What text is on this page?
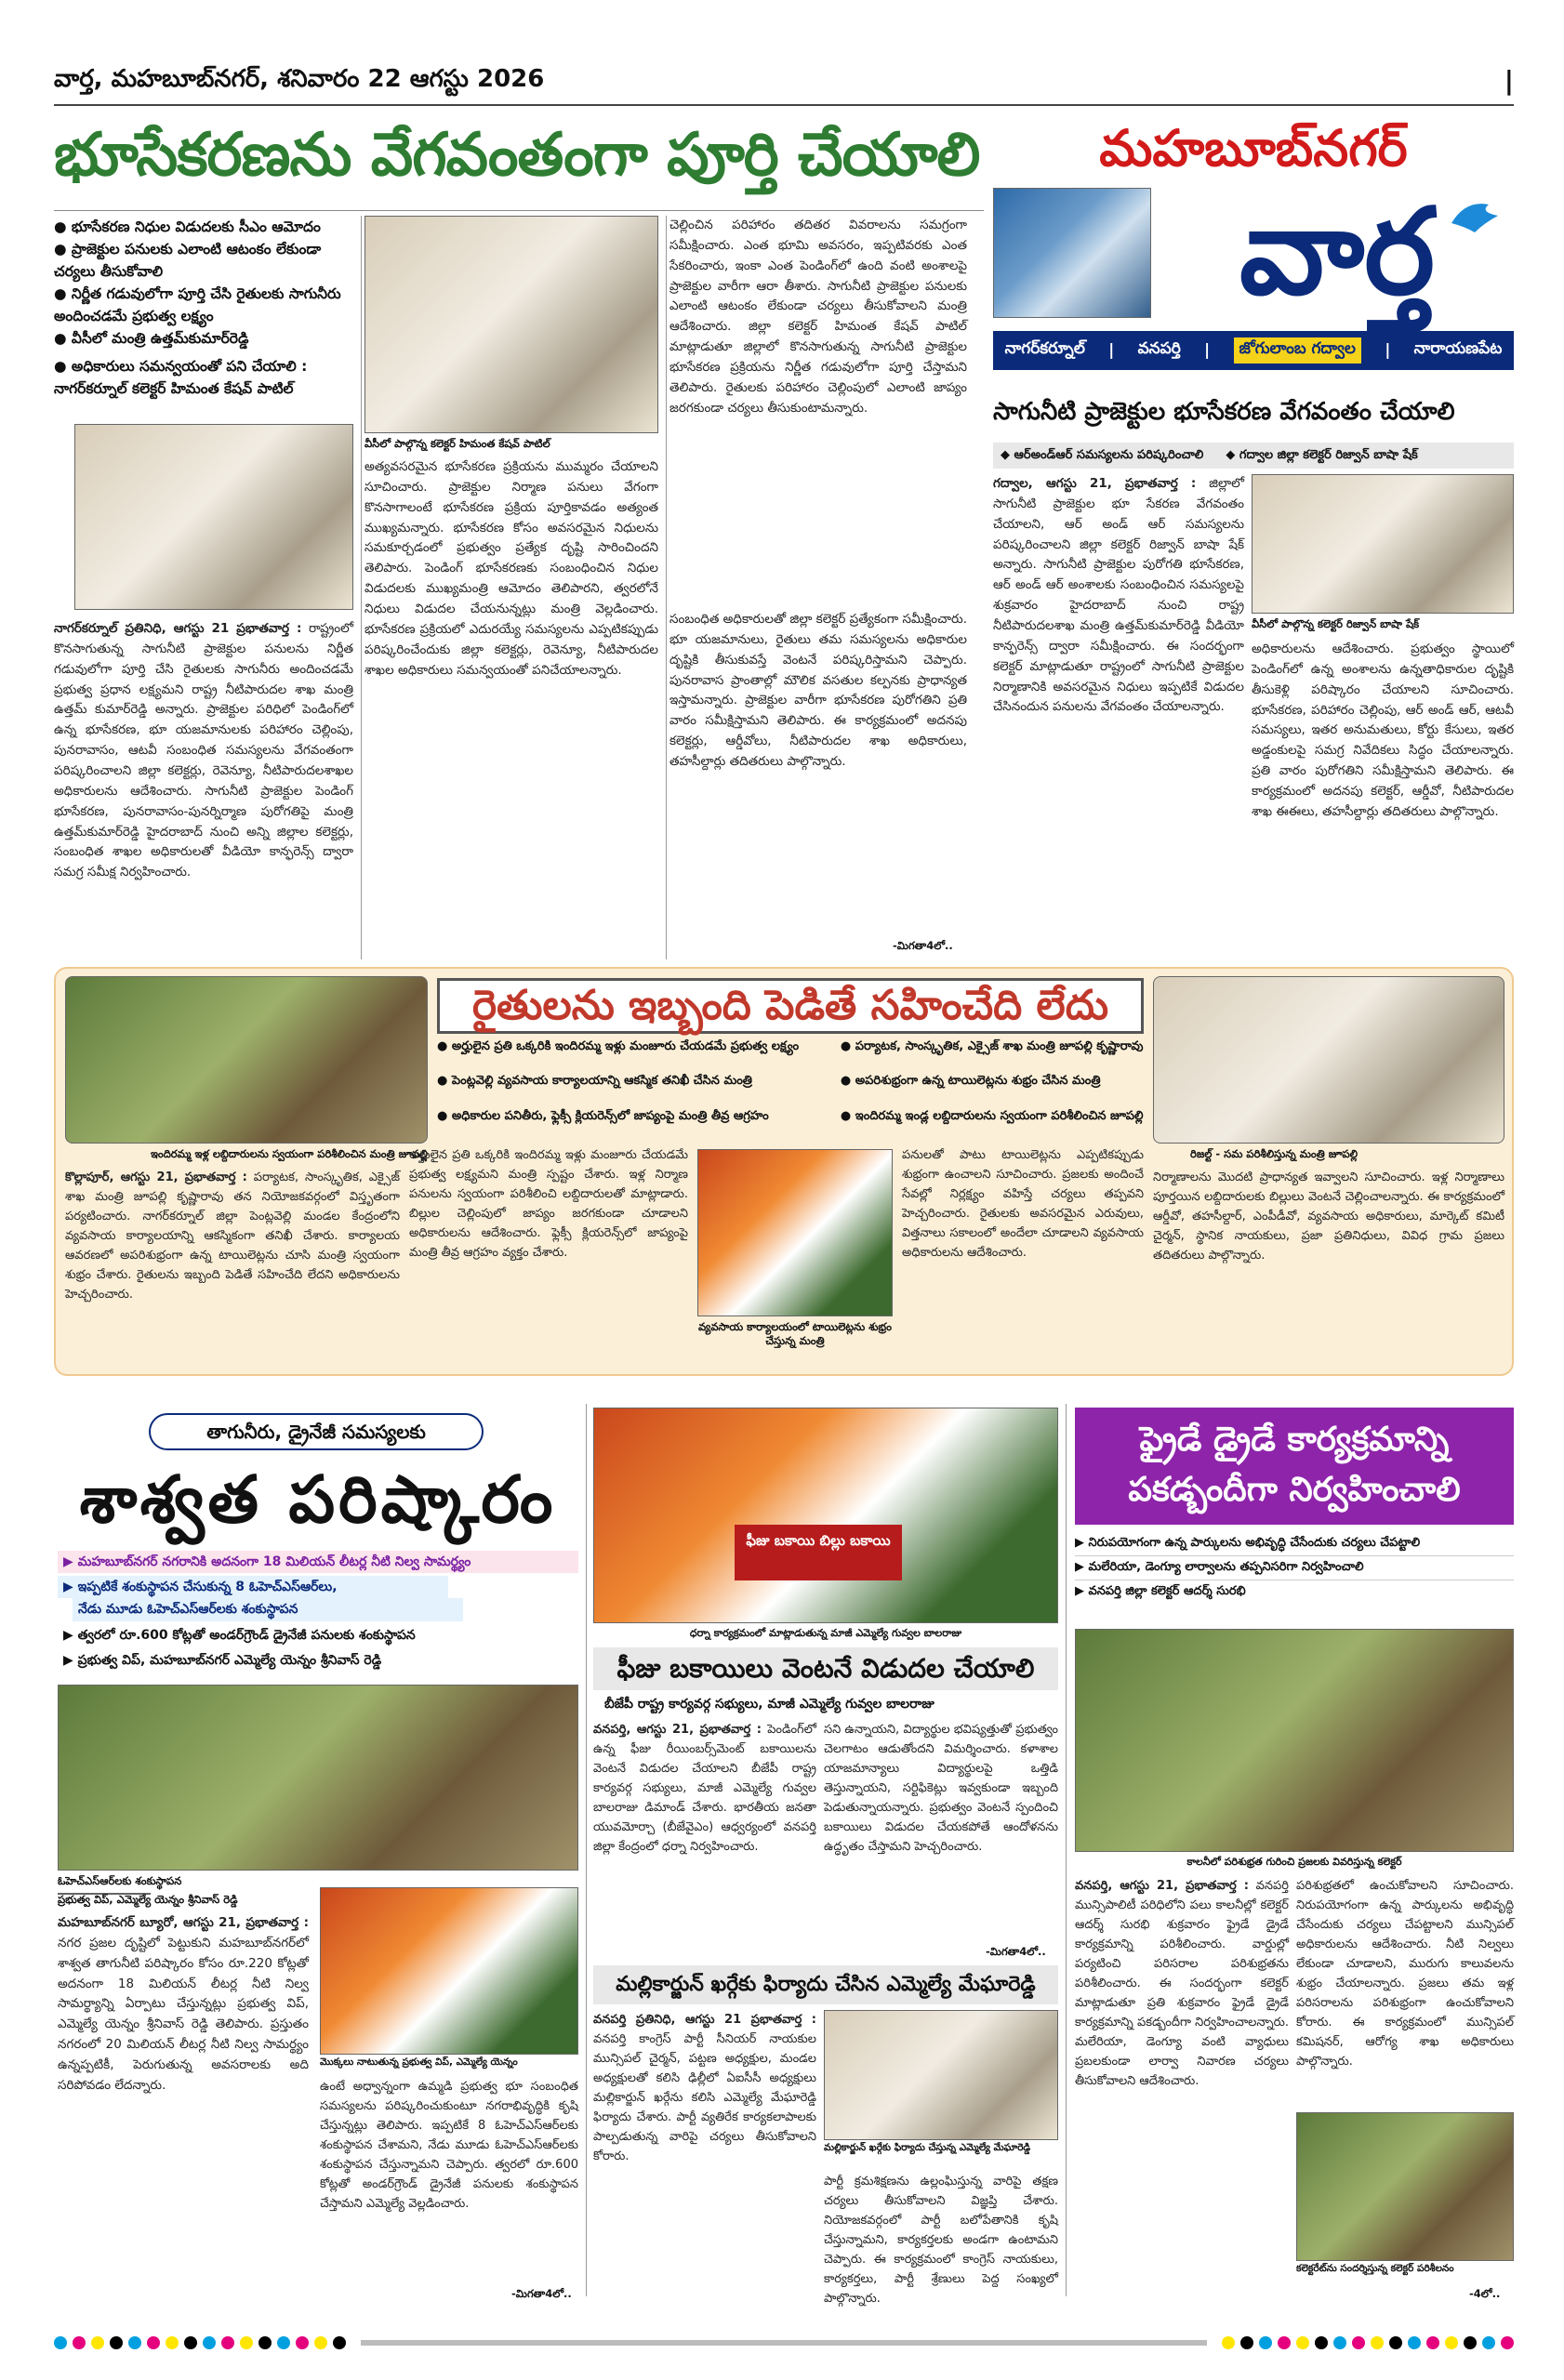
వార్త, మహబూబ్‌నగర్, శనివారం 22 ఆగస్టు 2026	|
భూసేకరణను వేగవంతంగా పూర్తి చేయాలి	మహబూబ్‌నగర్
వార్త
నాగర్‌కర్నూల్ | వనపర్తి |	జోగులాంబ గద్వాల	| నారాయణపేట
● భూసేకరణ నిధుల విడుదలకు సీఎం ఆమోదం
● ప్రాజెక్టుల పనులకు ఎలాంటి ఆటంకం లేకుండా చర్యలు తీసుకోవాలి
● నిర్ణీత గడువులోగా పూర్తి చేసి రైతులకు సాగునీరు అందించడమే ప్రభుత్వ లక్ష్యం
● వీసీలో మంత్రి ఉత్తమ్‌కుమార్‌రెడ్డి
● అధికారులు సమన్వయంతో పని చేయాలి : నాగర్‌కర్నూల్ కలెక్టర్ హిమంత కేషవ్ పాటిల్
నాగర్‌కర్నూల్ ప్రతినిధి, ఆగస్టు 21 ప్రభాతవార్త : రాష్ట్రంలో కొనసాగుతున్న సాగునీటి ప్రాజెక్టుల పనులను నిర్ణీత గడువులోగా పూర్తి చేసి రైతులకు సాగునీరు అందించడమే ప్రభుత్వ ప్రధాన లక్ష్యమని రాష్ట్ర నీటిపారుదల శాఖ మంత్రి ఉత్తమ్ కుమార్‌రెడ్డి అన్నారు. ప్రాజెక్టుల పరిధిలో పెండింగ్‌లో ఉన్న భూసేకరణ, భూ యజమానులకు పరిహారం చెల్లింపు, పునరావాసం, ఆటవీ సంబంధిత సమస్యలను వేగవంతంగా పరిష్కరించాలని జిల్లా కలెక్టర్లు, రెవెన్యూ, నీటిపారుదలశాఖల అధికారులను ఆదేశించారు. సాగునీటి ప్రాజెక్టుల పెండింగ్ భూసేకరణ, పునరావాసం-పునర్నిర్మాణ పురోగతిపై మంత్రి ఉత్తమ్‌కుమార్‌రెడ్డి హైదరాబాద్ నుంచి అన్ని జిల్లాల కలెక్టర్లు, సంబంధిత శాఖల అధికారులతో వీడియో కాన్ఫరెన్స్ ద్వారా సమగ్ర సమీక్ష నిర్వహించారు.
వీసీలో పాల్గొన్న కలెక్టర్ హిమంత కేషవ్ పాటిల్
అత్యవసరమైన భూసేకరణ ప్రక్రియను ముమ్మరం చేయాలని సూచించారు. ప్రాజెక్టుల నిర్మాణ పనులు వేగంగా కొనసాగాలంటే భూసేకరణ ప్రక్రియ పూర్తికావడం అత్యంత ముఖ్యమన్నారు. భూసేకరణ కోసం అవసరమైన నిధులను సమకూర్చడంలో ప్రభుత్వం ప్రత్యేక దృష్టి సారించిందని తెలిపారు. పెండింగ్ భూసేకరణకు సంబంధించిన నిధుల విడుదలకు ముఖ్యమంత్రి ఆమోదం తెలిపారని, త్వరలోనే నిధులు విడుదల చేయనున్నట్లు మంత్రి వెల్లడించారు. భూసేకరణ ప్రక్రియలో ఎదురయ్యే సమస్యలను ఎప్పటికప్పుడు పరిష్కరించేందుకు జిల్లా కలెక్టర్లు, రెవెన్యూ, నీటిపారుదల శాఖల అధికారులు సమన్వయంతో పనిచేయాలన్నారు.
చెల్లించిన పరిహారం తదితర వివరాలను సమగ్రంగా సమీక్షించారు. ఎంత భూమి అవసరం, ఇప్పటివరకు ఎంత సేకరించారు, ఇంకా ఎంత పెండింగ్‌లో ఉంది వంటి అంశాలపై ప్రాజెక్టుల వారీగా ఆరా తీశారు. సాగునీటి ప్రాజెక్టుల పనులకు ఎలాంటి ఆటంకం లేకుండా చర్యలు తీసుకోవాలని మంత్రి ఆదేశించారు. జిల్లా కలెక్టర్ హిమంత కేషవ్ పాటిల్ మాట్లాడుతూ జిల్లాలో కొనసాగుతున్న సాగునీటి ప్రాజెక్టుల భూసేకరణ ప్రక్రియను నిర్ణీత గడువులోగా పూర్తి చేస్తామని తెలిపారు. రైతులకు పరిహారం చెల్లింపులో ఎలాంటి జాప్యం జరగకుండా చర్యలు తీసుకుంటామన్నారు.
సంబంధిత అధికారులతో జిల్లా కలెక్టర్ ప్రత్యేకంగా సమీక్షించారు. భూ యజమానులు, రైతులు తమ సమస్యలను అధికారుల దృష్టికి తీసుకువస్తే వెంటనే పరిష్కరిస్తామని చెప్పారు. పునరావాస ప్రాంతాల్లో మౌలిక వసతుల కల్పనకు ప్రాధాన్యత ఇస్తామన్నారు. ప్రాజెక్టుల వారీగా భూసేకరణ పురోగతిని ప్రతి వారం సమీక్షిస్తామని తెలిపారు. ఈ కార్యక్రమంలో అదనపు కలెక్టర్లు, ఆర్డీవోలు, నీటిపారుదల శాఖ అధికారులు, తహసీల్దార్లు తదితరులు పాల్గొన్నారు.
-మిగతా4లో..
సాగునీటి ప్రాజెక్టుల భూసేకరణ వేగవంతం చేయాలి
◆ ఆర్‌అండ్‌ఆర్ సమస్యలను పరిష్కరించాలి ◆ గద్వాల జిల్లా కలెక్టర్ రిజ్వాన్ బాషా షేక్
గద్వాల, ఆగస్టు 21, ప్రభాతవార్త : జిల్లాలో సాగునీటి ప్రాజెక్టుల భూ సేకరణ వేగవంతం చేయాలని, ఆర్ అండ్ ఆర్ సమస్యలను పరిష్కరించాలని జిల్లా కలెక్టర్ రిజ్వాన్ బాషా షేక్ అన్నారు. సాగునీటి ప్రాజెక్టుల పురోగతి భూసేకరణ, ఆర్ అండ్ ఆర్ అంశాలకు సంబంధించిన సమస్యలపై శుక్రవారం హైదరాబాద్ నుంచి రాష్ట్ర నీటిపారుదలశాఖ మంత్రి ఉత్తమ్‌కుమార్‌రెడ్డి వీడియో కాన్ఫరెన్స్ ద్వారా సమీక్షించారు. ఈ సందర్భంగా కలెక్టర్ మాట్లాడుతూ రాష్ట్రంలో సాగునీటి ప్రాజెక్టుల నిర్మాణానికి అవసరమైన నిధులు ఇప్పటికే విడుదల చేసినందున పనులను వేగవంతం చేయాలన్నారు.
వీసీలో పాల్గొన్న కలెక్టర్ రిజ్వాన్ బాషా షేక్
అధికారులను ఆదేశించారు. ప్రభుత్వం స్థాయిలో పెండింగ్‌లో ఉన్న అంశాలను ఉన్నతాధికారుల దృష్టికి తీసుకెళ్లి పరిష్కారం చేయాలని సూచించారు. భూసేకరణ, పరిహారం చెల్లింపు, ఆర్ అండ్ ఆర్, ఆటవీ సమస్యలు, ఇతర అనుమతులు, కోర్టు కేసులు, ఇతర అడ్డంకులపై సమగ్ర నివేదికలు సిద్ధం చేయాలన్నారు. ప్రతి వారం పురోగతిని సమీక్షిస్తామని తెలిపారు. ఈ కార్యక్రమంలో అదనపు కలెక్టర్, ఆర్డీవో, నీటిపారుదల శాఖ ఈఈలు, తహసీల్దార్లు తదితరులు పాల్గొన్నారు.
ఇందిరమ్మ ఇళ్ల లబ్దిదారులను స్వయంగా పరిశీలించిన మంత్రి జూపల్లి
రైతులను ఇబ్బంది పెడితే సహించేది లేదు
రిజల్ట్ - సమ పరిశీలిస్తున్న మంత్రి జూపల్లి
● అర్హులైన ప్రతి ఒక్కరికి ఇందిరమ్మ ఇళ్లు మంజూరు చేయడమే ప్రభుత్వ లక్ష్యం	● పర్యాటక, సాంస్కృతిక, ఎక్సైజ్ శాఖ మంత్రి జూపల్లి కృష్ణారావు
● పెంట్లవెల్లి వ్యవసాయ కార్యాలయాన్ని ఆకస్మిక తనిఖీ చేసిన మంత్రి	● అపరిశుభ్రంగా ఉన్న టాయిలెట్లను శుభ్రం చేసిన మంత్రి
● అధికారుల పనితీరు, ఫ్లెక్సీ క్లియరెన్స్‌లో జాప్యంపై మంత్రి తీవ్ర ఆగ్రహం	● ఇందిరమ్మ ఇండ్ల లబ్దిదారులను స్వయంగా పరిశీలించిన జూపల్లి
కొల్లాపూర్, ఆగస్టు 21, ప్రభాతవార్త : పర్యాటక, సాంస్కృతిక, ఎక్సైజ్ శాఖ మంత్రి జూపల్లి కృష్ణారావు తన నియోజకవర్గంలో విస్తృతంగా పర్యటించారు. నాగర్‌కర్నూల్ జిల్లా పెంట్లవెల్లి మండల కేంద్రంలోని వ్యవసాయ కార్యాలయాన్ని ఆకస్మికంగా తనిఖీ చేశారు. కార్యాలయ ఆవరణలో అపరిశుభ్రంగా ఉన్న టాయిలెట్లను చూసి మంత్రి స్వయంగా శుభ్రం చేశారు. రైతులను ఇబ్బంది పెడితే సహించేది లేదని అధికారులను హెచ్చరించారు.
అర్హులైన ప్రతి ఒక్కరికి ఇందిరమ్మ ఇళ్లు మంజూరు చేయడమే ప్రభుత్వ లక్ష్యమని మంత్రి స్పష్టం చేశారు. ఇళ్ల నిర్మాణ పనులను స్వయంగా పరిశీలించి లబ్దిదారులతో మాట్లాడారు. బిల్లుల చెల్లింపులో జాప్యం జరగకుండా చూడాలని అధికారులను ఆదేశించారు. ఫ్లెక్సీ క్లియరెన్స్‌లో జాప్యంపై మంత్రి తీవ్ర ఆగ్రహం వ్యక్తం చేశారు.
వ్యవసాయ కార్యాలయంలో టాయిలెట్లను శుభ్రం చేస్తున్న మంత్రి
పనులతో పాటు టాయిలెట్లను ఎప్పటికప్పుడు శుభ్రంగా ఉంచాలని సూచించారు. ప్రజలకు అందించే సేవల్లో నిర్లక్ష్యం వహిస్తే చర్యలు తప్పవని హెచ్చరించారు. రైతులకు అవసరమైన ఎరువులు, విత్తనాలు సకాలంలో అందేలా చూడాలని వ్యవసాయ అధికారులను ఆదేశించారు.
నిర్మాణాలను మొదటి ప్రాధాన్యత ఇవ్వాలని సూచించారు. ఇళ్ల నిర్మాణాలు పూర్తయిన లబ్దిదారులకు బిల్లులు వెంటనే చెల్లించాలన్నారు. ఈ కార్యక్రమంలో ఆర్డీవో, తహసీల్దార్, ఎంపీడీవో, వ్యవసాయ అధికారులు, మార్కెట్ కమిటీ చైర్మన్, స్థానిక నాయకులు, ప్రజా ప్రతినిధులు, వివిధ గ్రామ ప్రజలు తదితరులు పాల్గొన్నారు.
తాగునీరు, డ్రైనేజీ సమస్యలకు
శాశ్వత పరిష్కారం
▶ మహబూబ్‌నగర్ నగరానికి అదనంగా 18 మిలియన్ లీటర్ల నీటి నిల్వ సామర్థ్యం
▶ ఇప్పటికే శంకుస్థాపన చేసుకున్న 8 ఓహెచ్ఎస్ఆర్‌లు,
నేడు మూడు ఓహెచ్ఎస్ఆర్‌లకు శంకుస్థాపన
▶ త్వరలో రూ.600 కోట్లతో అండర్‌గ్రౌండ్ డ్రైనేజీ పనులకు శంకుస్థాపన
▶ ప్రభుత్వ విప్, మహబూబ్‌నగర్ ఎమ్మెల్యే యెన్నం శ్రీనివాస్ రెడ్డి
ఓహెచ్ఎస్ఆర్‌లకు శంకుస్థాపన
ప్రభుత్వ విప్, ఎమ్మెల్యే యెన్నం శ్రీనివాస్ రెడ్డి
మహబూబ్‌నగర్ బ్యూరో, ఆగస్టు 21, ప్రభాతవార్త : నగర ప్రజల దృష్టిలో పెట్టుకుని మహబూబ్‌నగర్‌లో శాశ్వత తాగునీటి పరిష్కారం కోసం రూ.220 కోట్లతో అదనంగా 18 మిలియన్ లీటర్ల నీటి నిల్వ సామర్థ్యాన్ని ఏర్పాటు చేస్తున్నట్లు ప్రభుత్వ విప్, ఎమ్మెల్యే యెన్నం శ్రీనివాస్ రెడ్డి తెలిపారు. ప్రస్తుతం నగరంలో 20 మిలియన్ లీటర్ల నీటి నిల్వ సామర్థ్యం ఉన్నప్పటికీ, పెరుగుతున్న అవసరాలకు అది సరిపోవడం లేదన్నారు.
మొక్కలు నాటుతున్న ప్రభుత్వ విప్, ఎమ్మెల్యే యెన్నం
ఉంటే అధ్వాన్నంగా ఉమ్మడి ప్రభుత్వ భూ సంబంధిత సమస్యలను పరిష్కరించుకుంటూ నగరాభివృద్ధికి కృషి చేస్తున్నట్లు తెలిపారు. ఇప్పటికే 8 ఓహెచ్ఎస్ఆర్‌లకు శంకుస్థాపన చేశామని, నేడు మూడు ఓహెచ్ఎస్ఆర్‌లకు శంకుస్థాపన చేస్తున్నామని చెప్పారు. త్వరలో రూ.600 కోట్లతో అండర్‌గ్రౌండ్ డ్రైనేజీ పనులకు శంకుస్థాపన చేస్తామని ఎమ్మెల్యే వెల్లడించారు.
-మిగతా4లో..
ఫీజు బకాయి బిల్లు బకాయి
ధర్నా కార్యక్రమంలో మాట్లాడుతున్న మాజీ ఎమ్మెల్యే గువ్వల బాలరాజు
ఫీజు బకాయిలు వెంటనే విడుదల చేయాలి
బీజేపీ రాష్ట్ర కార్యవర్గ సభ్యులు, మాజీ ఎమ్మెల్యే గువ్వల బాలరాజు
వనపర్తి, ఆగస్టు 21, ప్రభాతవార్త : పెండింగ్‌లో ఉన్న ఫీజు రీయింబర్స్‌మెంట్ బకాయిలను వెంటనే విడుదల చేయాలని బీజేపీ రాష్ట్ర కార్యవర్గ సభ్యులు, మాజీ ఎమ్మెల్యే గువ్వల బాలరాజు డిమాండ్ చేశారు. భారతీయ జనతా యువమోర్చా (బీజేవైఎం) ఆధ్వర్యంలో వనపర్తి జిల్లా కేంద్రంలో ధర్నా నిర్వహించారు.
సని ఉన్నాయని, విద్యార్థుల భవిష్యత్తుతో ప్రభుత్వం చెలగాటం ఆడుతోందని విమర్శించారు. కళాశాల యాజమాన్యాలు విద్యార్థులపై ఒత్తిడి తెస్తున్నాయని, సర్టిఫికెట్లు ఇవ్వకుండా ఇబ్బంది పెడుతున్నాయన్నారు. ప్రభుత్వం వెంటనే స్పందించి బకాయిలు విడుదల చేయకపోతే ఆందోళనను ఉద్ధృతం చేస్తామని హెచ్చరించారు.
-మిగతా4లో..
మల్లికార్జున్ ఖర్గేకు ఫిర్యాదు చేసిన ఎమ్మెల్యే మేఘారెడ్డి
వనపర్తి ప్రతినిధి, ఆగస్టు 21 ప్రభాతవార్త : వనపర్తి కాంగ్రెస్ పార్టీ సీనియర్ నాయకుల మున్సిపల్ చైర్మన్, పట్టణ అధ్యక్షుల, మండల అధ్యక్షులతో కలిసి ఢిల్లీలో ఏఐసీసీ అధ్యక్షులు మల్లికార్జున్ ఖర్గేను కలిసి ఎమ్మెల్యే మేఘారెడ్డి ఫిర్యాదు చేశారు. పార్టీ వ్యతిరేక కార్యకలాపాలకు పాల్పడుతున్న వారిపై చర్యలు తీసుకోవాలని కోరారు.
మల్లికార్జున్ ఖర్గేకు ఫిర్యాదు చేస్తున్న ఎమ్మెల్యే మేఘారెడ్డి
పార్టీ క్రమశిక్షణను ఉల్లంఘిస్తున్న వారిపై తక్షణ చర్యలు తీసుకోవాలని విజ్ఞప్తి చేశారు. నియోజకవర్గంలో పార్టీ బలోపేతానికి కృషి చేస్తున్నామని, కార్యకర్తలకు అండగా ఉంటామని చెప్పారు. ఈ కార్యక్రమంలో కాంగ్రెస్ నాయకులు, కార్యకర్తలు, పార్టీ శ్రేణులు పెద్ద సంఖ్యలో పాల్గొన్నారు.
ఫ్రైడే డ్రైడే కార్యక్రమాన్ని
పకడ్బందీగా నిర్వహించాలి
▶ నిరుపయోగంగా ఉన్న పార్కులను అభివృద్ధి చేసేందుకు చర్యలు చేపట్టాలి
▶ మలేరియా, డెంగ్యూ లార్వాలను తప్పనిసరిగా నిర్వహించాలి
▶ వనపర్తి జిల్లా కలెక్టర్ ఆదర్శ్ సురభి
కాలనీలో పరిశుభ్రత గురించి ప్రజలకు వివరిస్తున్న కలెక్టర్
వనపర్తి, ఆగస్టు 21, ప్రభాతవార్త : వనపర్తి మున్సిపాలిటీ పరిధిలోని పలు కాలనీల్లో కలెక్టర్ ఆదర్శ్ సురభి శుక్రవారం ఫ్రైడే డ్రైడే కార్యక్రమాన్ని పరిశీలించారు. వార్డుల్లో పర్యటించి పరిసరాల పరిశుభ్రతను పరిశీలించారు. ఈ సందర్భంగా కలెక్టర్ మాట్లాడుతూ ప్రతి శుక్రవారం ఫ్రైడే డ్రైడే కార్యక్రమాన్ని పకడ్బందీగా నిర్వహించాలన్నారు. మలేరియా, డెంగ్యూ వంటి వ్యాధులు ప్రబలకుండా లార్వా నివారణ చర్యలు తీసుకోవాలని ఆదేశించారు.
పరిశుభ్రతలో ఉంచుకోవాలని సూచించారు. నిరుపయోగంగా ఉన్న పార్కులను అభివృద్ధి చేసేందుకు చర్యలు చేపట్టాలని మున్సిపల్ అధికారులను ఆదేశించారు. నీటి నిల్వలు లేకుండా చూడాలని, మురుగు కాలువలను శుభ్రం చేయాలన్నారు. ప్రజలు తమ ఇళ్ల పరిసరాలను పరిశుభ్రంగా ఉంచుకోవాలని కోరారు. ఈ కార్యక్రమంలో మున్సిపల్ కమిషనర్, ఆరోగ్య శాఖ అధికారులు పాల్గొన్నారు.
కలెక్టరేట్‌ను సందర్శిస్తున్న కలెక్టర్ పరిశీలనం
-4లో..
